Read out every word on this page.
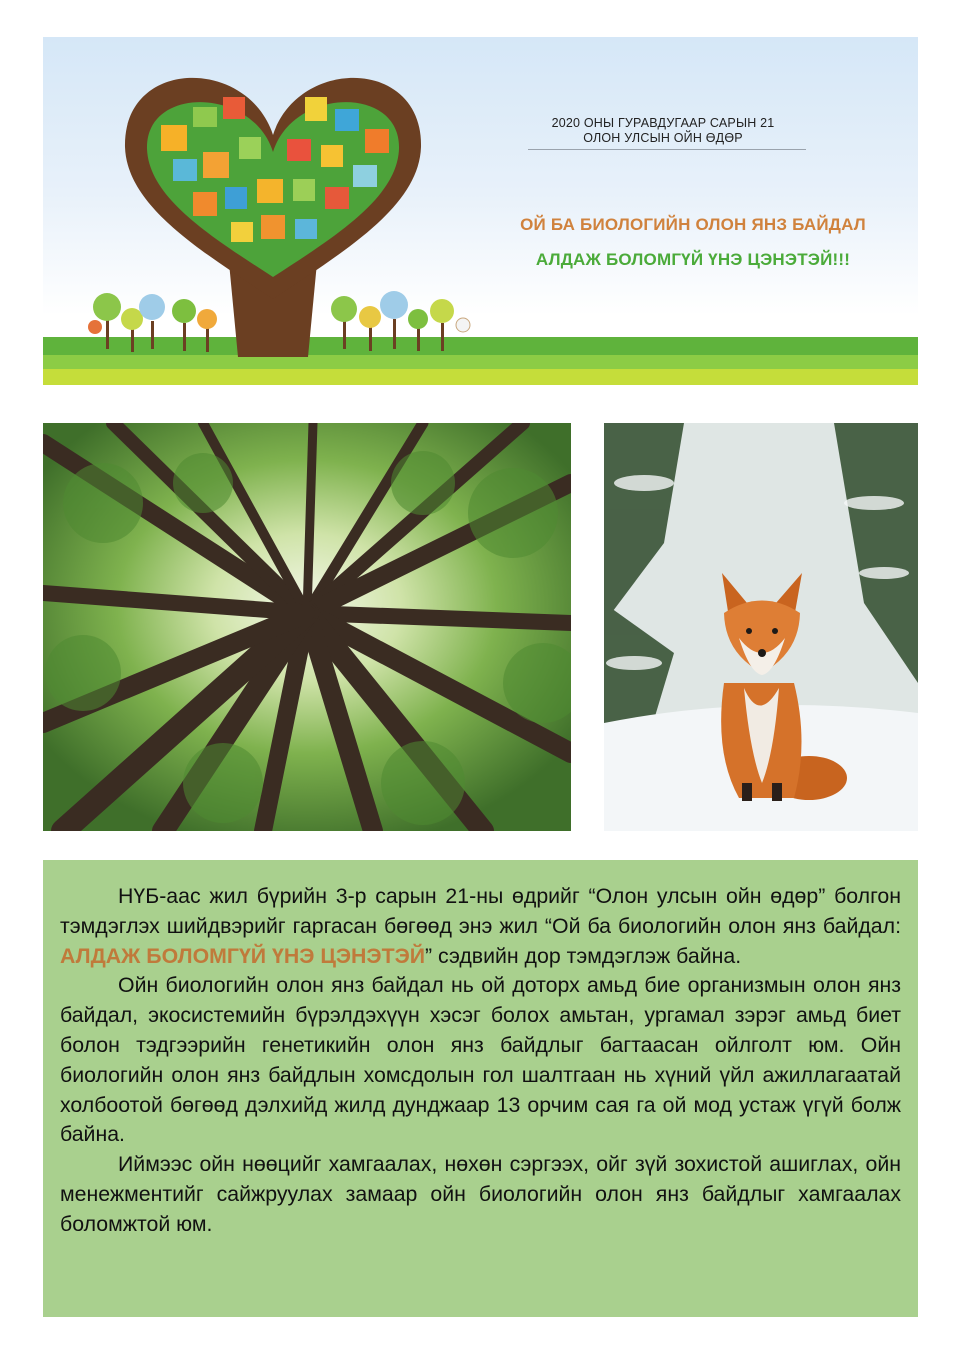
2020 ОНЫ ГУРАВДУГААР САРЫН 21
ОЛОН УЛСЫН ОЙН ӨДӨР
ОЙ БА БИОЛОГИЙН ОЛОН ЯНЗ БАЙДАЛ
АЛДАЖ БОЛОМГҮЙ ҮНЭ ЦЭНЭТЭЙ!!!

НҮБ-аас жил бүрийн 3-р сарын 21-ны өдрийг “Олон улсын ойн өдөр” болгон тэмдэглэх шийдвэрийг гаргасан бөгөөд энэ жил “Ой ба биологийн олон янз байдал: АЛДАЖ БОЛОМГҮЙ ҮНЭ ЦЭНЭТЭЙ” сэдвийн дор тэмдэглэж байна.

Ойн биологийн олон янз байдал нь ой доторх амьд бие организмын олон янз байдал, экосистемийн бүрэлдэхүүн хэсэг болох амьтан, ургамал зэрэг амьд биет болон тэдгээрийн генетикийн олон янз байдлыг багтаасан ойлголт юм. Ойн биологийн олон янз байдлын хомсдолын гол шалтгаан нь хүний үйл ажиллагаатай холбоотой бөгөөд дэлхийд жилд дунджаар 13 орчим сая га ой мод устаж үгүй болж байна.

Иймээс ойн нөөцийг хамгаалах, нөхөн сэргээх, ойг зүй зохистой ашиглах, ойн менежментийг сайжруулах замаар ойн биологийн олон янз байдлыг хамгаалах боломжтой юм.
